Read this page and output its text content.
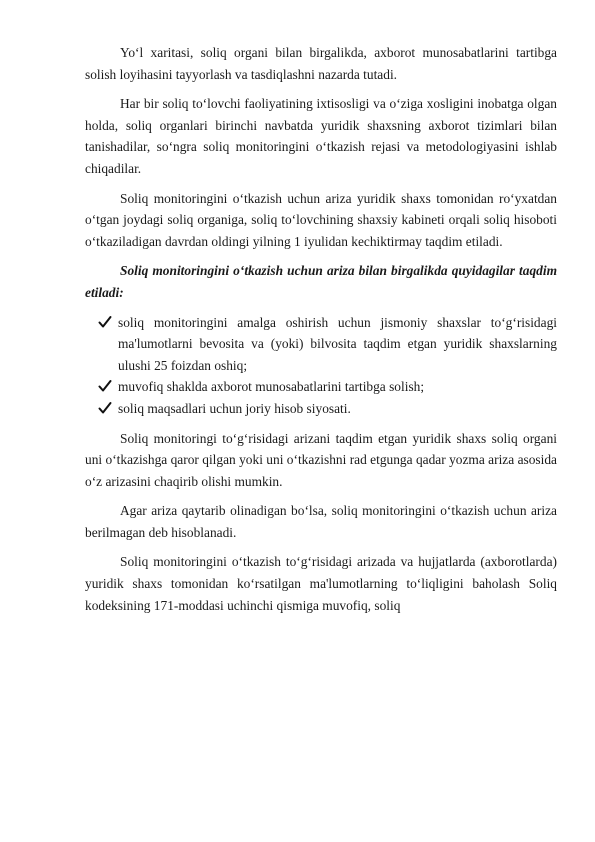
Yo‘l xaritasi, soliq organi bilan birgalikda, axborot munosabatlarini tartibga solish loyihasini tayyorlash va tasdiqlashni nazarda tutadi.

Har bir soliq to‘lovchi faoliyatining ixtisosligi va o‘ziga xosligini inobatga olgan holda, soliq organlari birinchi navbatda yuridik shaxsning axborot tizimlari bilan tanishadilar, so‘ngra soliq monitoringini o‘tkazish rejasi va metodologiyasini ishlab chiqadilar.

Soliq monitoringini o‘tkazish uchun ariza yuridik shaxs tomonidan ro‘yxatdan o‘tgan joydagi soliq organiga, soliq to‘lovchining shaxsiy kabineti orqali soliq hisoboti o‘tkaziladigan davrdan oldingi yilning 1 iyulidan kechiktirmay taqdim etiladi.

Soliq monitoringini o‘tkazish uchun ariza bilan birgalikda quyidagilar taqdim etiladi:

soliq monitoringini amalga oshirish uchun jismoniy shaxslar to‘g‘risidagi ma'lumotlarni bevosita va (yoki) bilvosita taqdim etgan yuridik shaxslarning ulushi 25 foizdan oshiq;
muvofiq shaklda axborot munosabatlarini tartibga solish;
soliq maqsadlari uchun joriy hisob siyosati.

Soliq monitoringi to‘g‘risidagi arizani taqdim etgan yuridik shaxs soliq organi uni o‘tkazishga qaror qilgan yoki uni o‘tkazishni rad etgunga qadar yozma ariza asosida o‘z arizasini chaqirib olishi mumkin.

Agar ariza qaytarib olinadigan bo‘lsa, soliq monitoringini o‘tkazish uchun ariza berilmagan deb hisoblanadi.

Soliq monitoringini o‘tkazish to‘g‘risidagi arizada va hujjatlarda (axborotlarda) yuridik shaxs tomonidan ko‘rsatilgan ma'lumotlarning to‘liqligini baholash Soliq kodeksining 171-moddasi uchinchi qismiga muvofiq, soliq
